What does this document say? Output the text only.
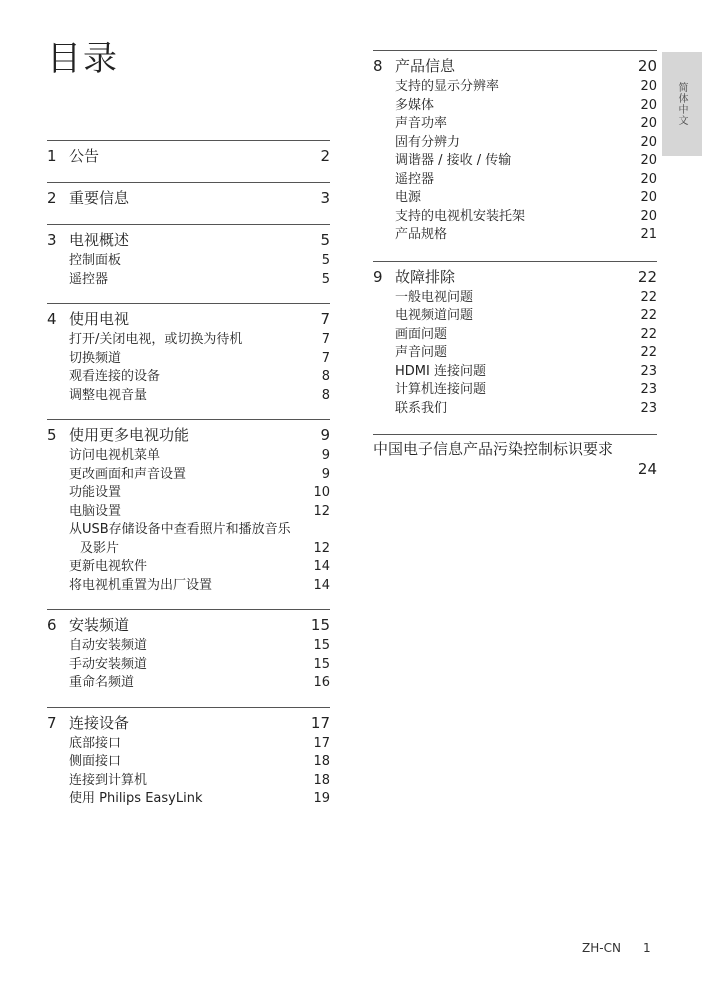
目录
简体中文
1 公告	2
2 重要信息	3
3 电视概述	5
控制面板	5
遥控器	5
4 使用电视	7
打开/关闭电视，或切换为待机	7
切换频道	7
观看连接的设备	8
调整电视音量	8
5 使用更多电视功能	9
访问电视机菜单	9
更改画面和声音设置	9
功能设置	10
电脑设置	12
从USB存储设备中查看照片和播放音乐
及影片	12
更新电视软件	14
将电视机重置为出厂设置	14
6 安装频道	15
自动安装频道	15
手动安装频道	15
重命名频道	16
7 连接设备	17
底部接口	17
侧面接口	18
连接到计算机	18
使用 Philips EasyLink	19
8 产品信息	20
支持的显示分辨率	20
多媒体	20
声音功率	20
固有分辨力	20
调谐器 / 接收 / 传输	20
遥控器	20
电源	20
支持的电视机安装托架	20
产品规格	21
9 故障排除	22
一般电视问题	22
电视频道问题	22
画面问题	22
声音问题	22
HDMI 连接问题	23
计算机连接问题	23
联系我们	23
中国电子信息产品污染控制标识要求
24
ZH-CN 1
